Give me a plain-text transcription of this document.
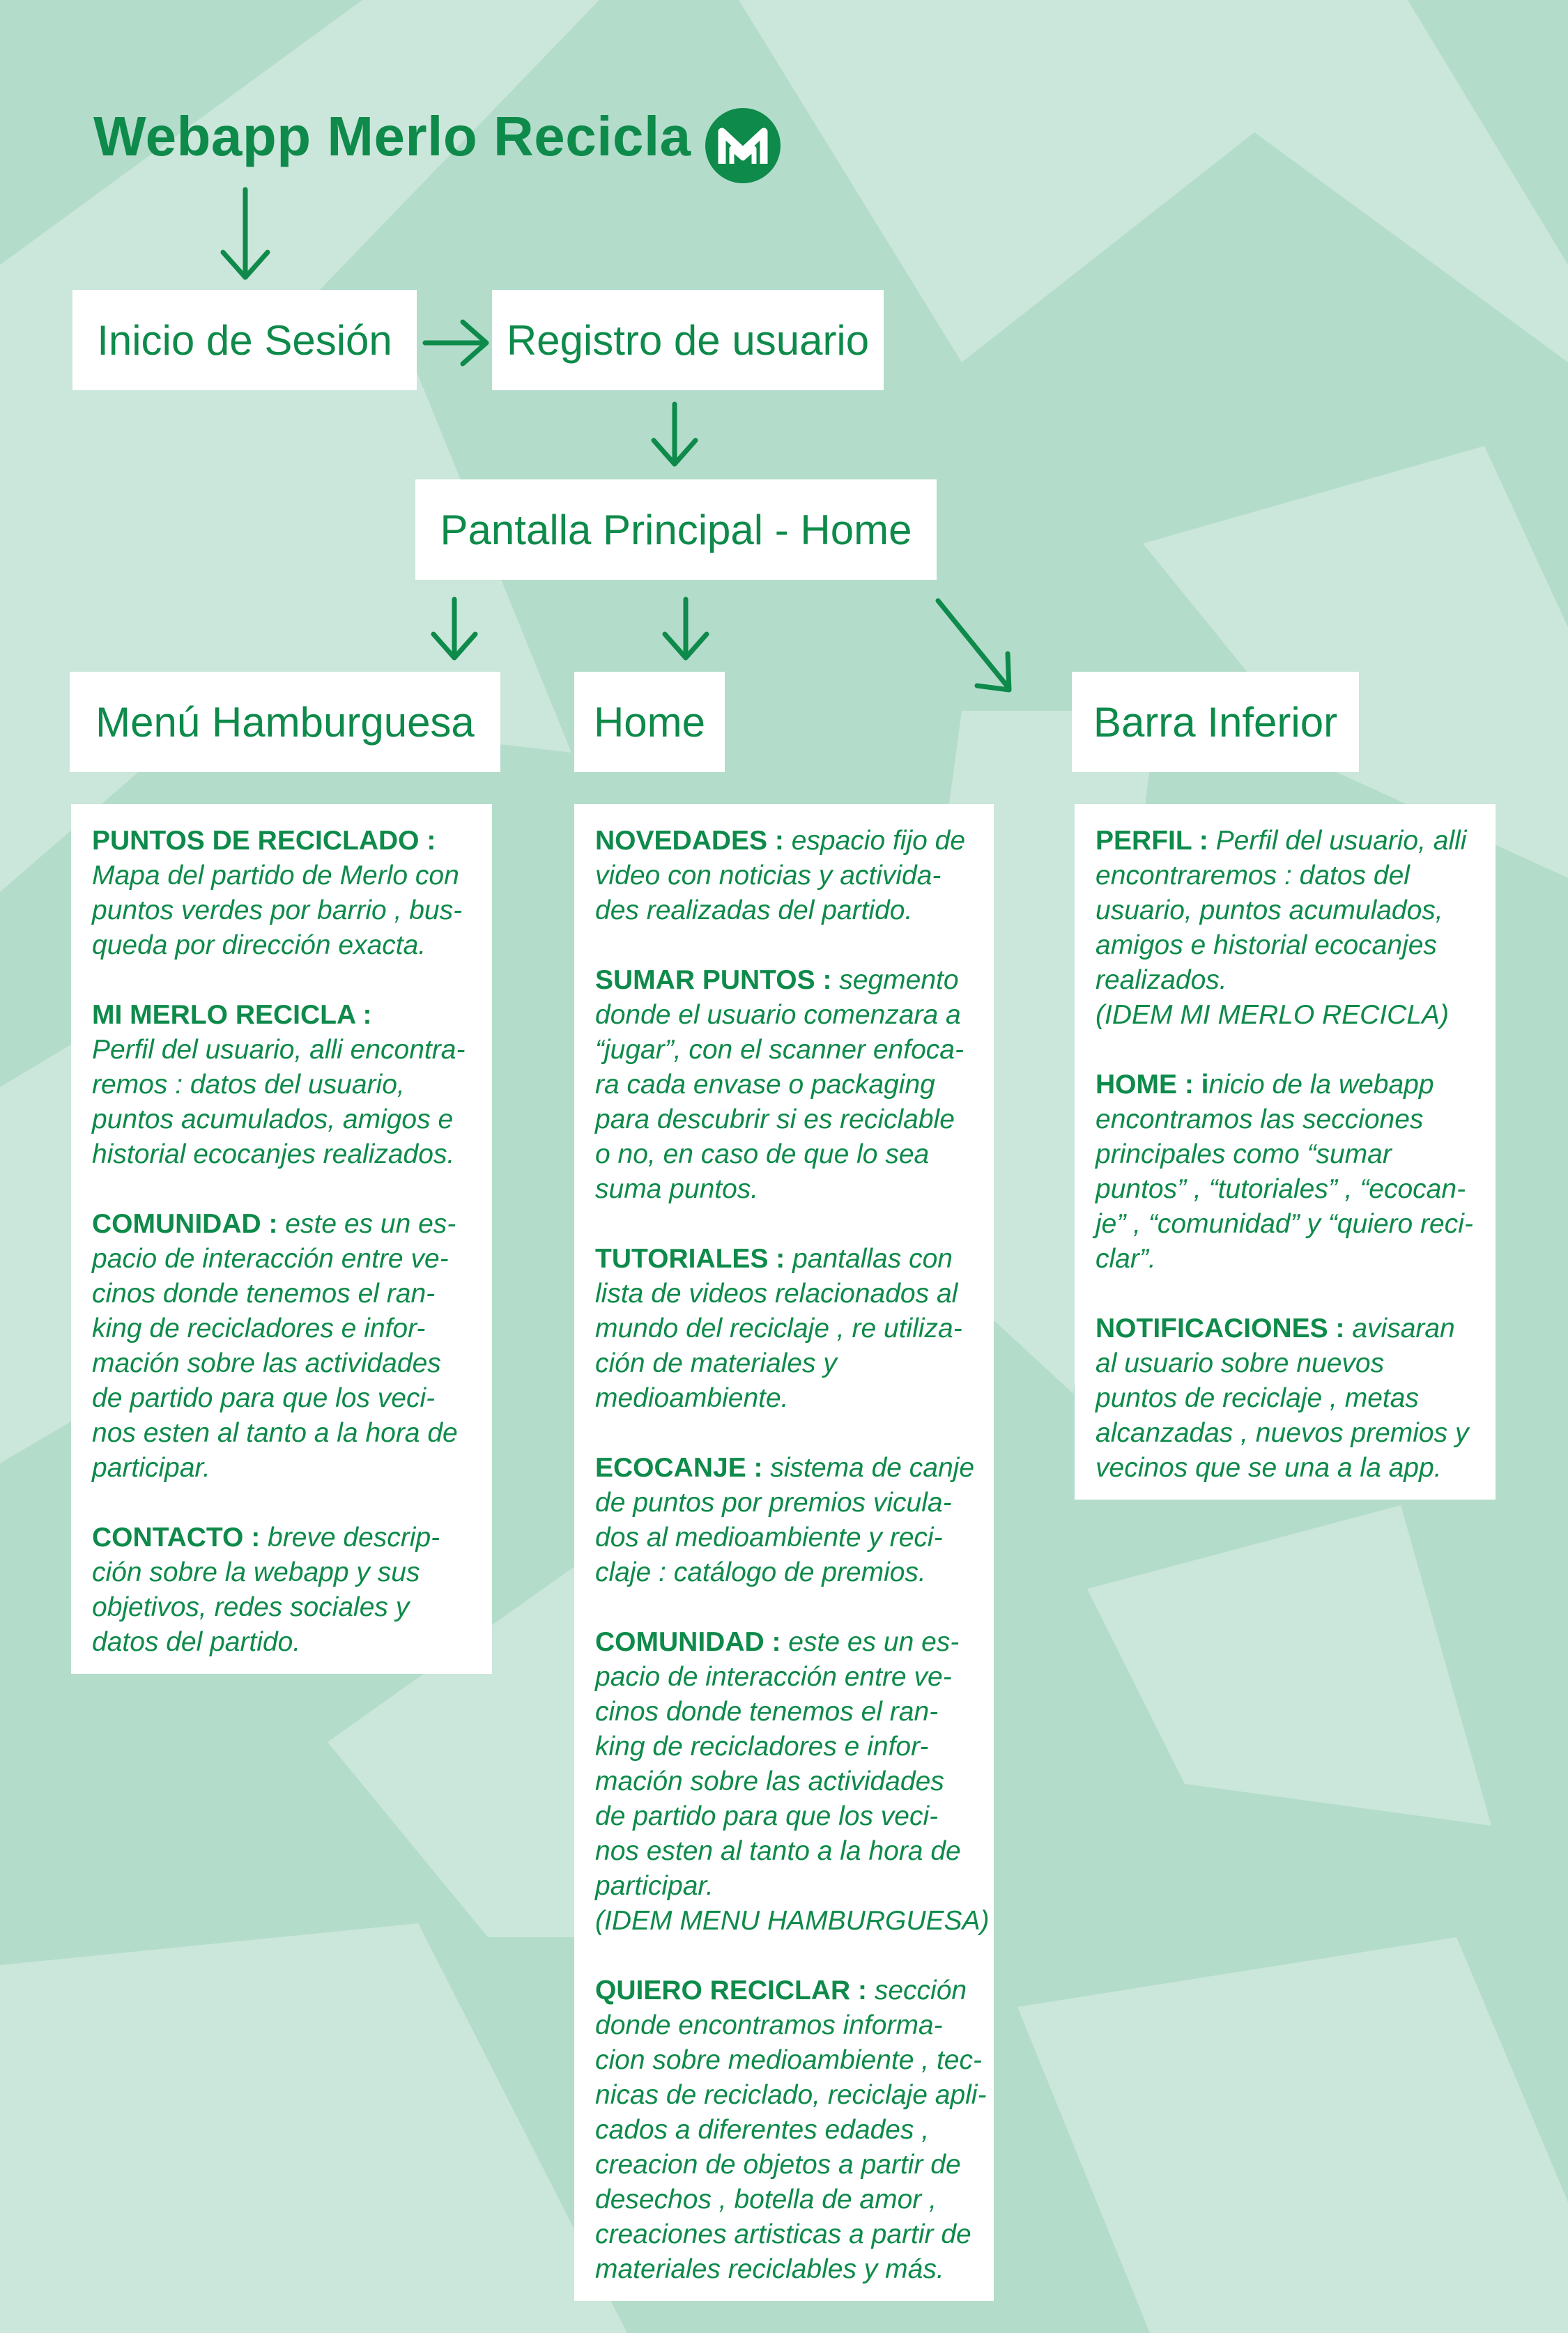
Webapp Merlo Recicla
Inicio de Sesión	Registro de usuario
Pantalla Principal - Home
Menú Hamburguesa	Home	Barra Inferior
PUNTOS DE RECICLADO :
Mapa del partido de Merlo con
puntos verdes por barrio , bus-
queda por dirección exacta.
MI MERLO RECICLA :
Perfil del usuario, alli encontra-
remos : datos del usuario,
puntos acumulados, amigos e
historial ecocanjes realizados.
COMUNIDAD : este es un es-
pacio de interacción entre ve-
cinos donde tenemos el ran-
king de recicladores e infor-
mación sobre las actividades
de partido para que los veci-
nos esten al tanto a la hora de
participar.
CONTACTO : breve descrip-
ción sobre la webapp y sus
objetivos, redes sociales y
datos del partido.
NOVEDADES : espacio fijo de
video con noticias y activida-
des realizadas del partido.
SUMAR PUNTOS : segmento
donde el usuario comenzara a
“jugar”, con el scanner enfoca-
ra cada envase o packaging
para descubrir si es reciclable
o no, en caso de que lo sea
suma puntos.
TUTORIALES : pantallas con
lista de videos relacionados al
mundo del reciclaje , re utiliza-
ción de materiales y
medioambiente.
ECOCANJE : sistema de canje
de puntos por premios vicula-
dos al medioambiente y reci-
claje : catálogo de premios.
COMUNIDAD : este es un es-
pacio de interacción entre ve-
cinos donde tenemos el ran-
king de recicladores e infor-
mación sobre las actividades
de partido para que los veci-
nos esten al tanto a la hora de
participar.
(IDEM MENU HAMBURGUESA)
QUIERO RECICLAR : sección
donde encontramos informa-
cion sobre medioambiente , tec-
nicas de reciclado, reciclaje apli-
cados a diferentes edades ,
creacion de objetos a partir de
desechos , botella de amor ,
creaciones artisticas a partir de
materiales reciclables y más.
PERFIL : Perfil del usuario, alli
encontraremos : datos del
usuario, puntos acumulados,
amigos e historial ecocanjes
realizados.
(IDEM MI MERLO RECICLA)
HOME : inicio de la webapp
encontramos las secciones
principales como “sumar
puntos” , “tutoriales” , “ecocan-
je” , “comunidad” y “quiero reci-
clar”.
NOTIFICACIONES : avisaran
al usuario sobre nuevos
puntos de reciclaje , metas
alcanzadas , nuevos premios y
vecinos que se una a la app.
